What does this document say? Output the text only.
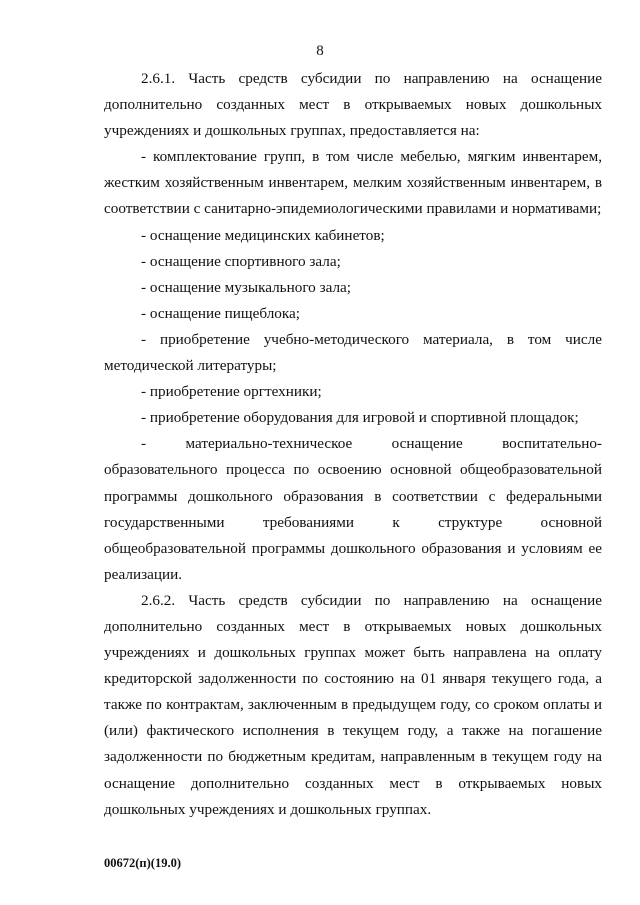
8

2.6.1. Часть средств субсидии по направлению на оснащение дополнительно созданных мест в открываемых новых дошкольных учреждениях и дошкольных группах, предоставляется на:

- комплектование групп, в том числе мебелью, мягким инвентарем, жестким хозяйственным инвентарем, мелким хозяйственным инвентарем, в соответствии с санитарно-эпидемиологическими правилами и нормативами;

- оснащение медицинских кабинетов;

- оснащение спортивного зала;

- оснащение музыкального зала;

- оснащение пищеблока;

- приобретение учебно-методического материала, в том числе методической литературы;

- приобретение оргтехники;

- приобретение оборудования для игровой и спортивной площадок;

- материально-техническое оснащение воспитательно-образовательного процесса по освоению основной общеобразовательной программы дошкольного образования в соответствии с федеральными государственными требованиями к структуре основной общеобразовательной программы дошкольного образования и условиям ее реализации.

2.6.2. Часть средств субсидии по направлению на оснащение дополнительно созданных мест в открываемых новых дошкольных учреждениях и дошкольных группах может быть направлена на оплату кредиторской задолженности по состоянию на 01 января текущего года, а также по контрактам, заключенным в предыдущем году, со сроком оплаты и (или) фактического исполнения в текущем году, а также на погашение задолженности по бюджетным кредитам, направленным в текущем году на оснащение дополнительно созданных мест в открываемых новых дошкольных учреждениях и дошкольных группах.

00672(п)(19.0)
